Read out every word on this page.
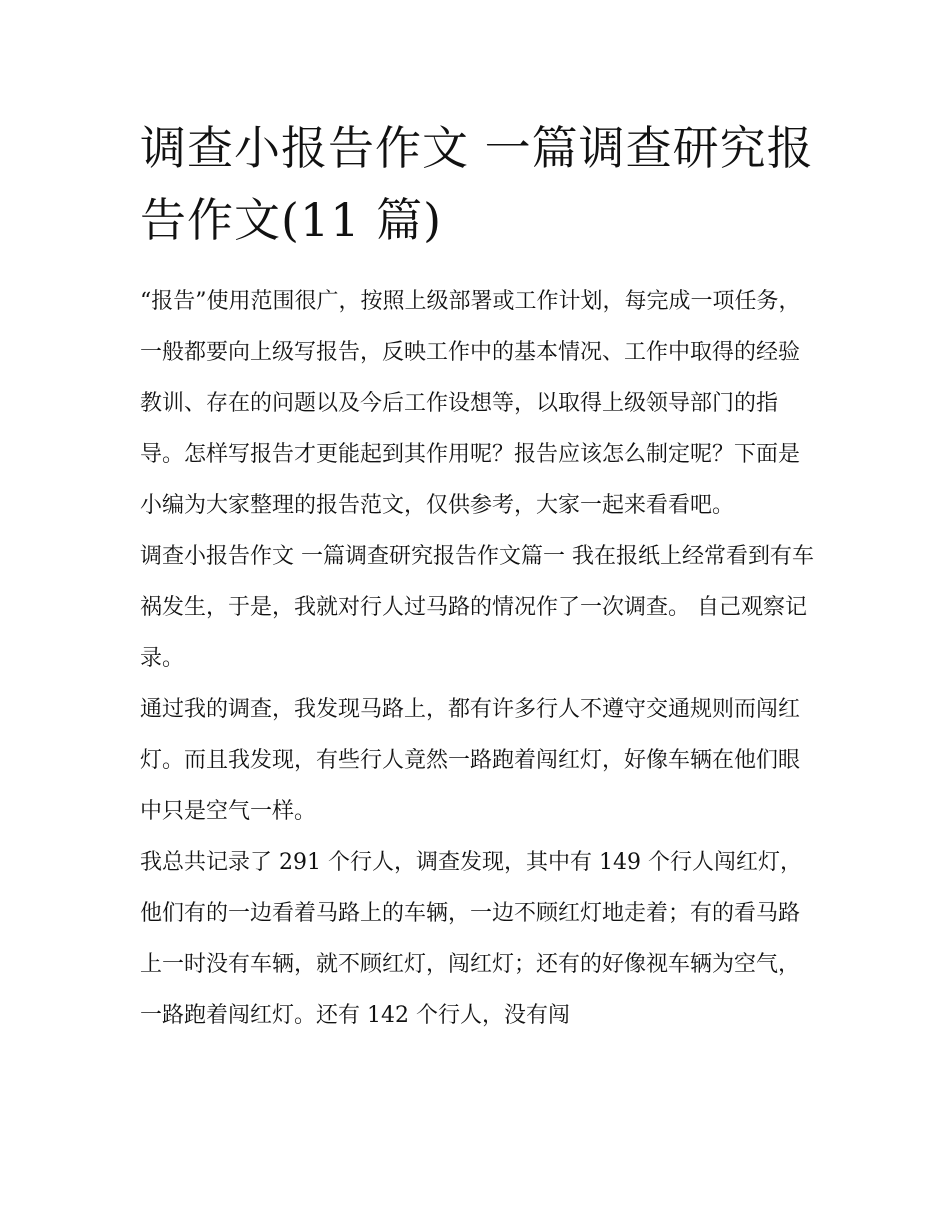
调查小报告作文 一篇调查研究报告作文(11 篇)

“报告”使用范围很广，按照上级部署或工作计划，每完成一项任务，一般都要向上级写报告，反映工作中的基本情况、工作中取得的经验教训、存在的问题以及今后工作设想等，以取得上级领导部门的指导。怎样写报告才更能起到其作用呢？报告应该怎么制定呢？下面是小编为大家整理的报告范文，仅供参考，大家一起来看看吧。

调查小报告作文 一篇调查研究报告作文篇一 我在报纸上经常看到有车祸发生，于是，我就对行人过马路的情况作了一次调查。 自己观察记录。

通过我的调查，我发现马路上，都有许多行人不遵守交通规则而闯红灯。而且我发现，有些行人竟然一路跑着闯红灯，好像车辆在他们眼中只是空气一样。

我总共记录了 291 个行人，调查发现，其中有 149 个行人闯红灯，他们有的一边看着马路上的车辆，一边不顾红灯地走着；有的看马路上一时没有车辆，就不顾红灯，闯红灯；还有的好像视车辆为空气，一路跑着闯红灯。还有 142 个行人，没有闯
